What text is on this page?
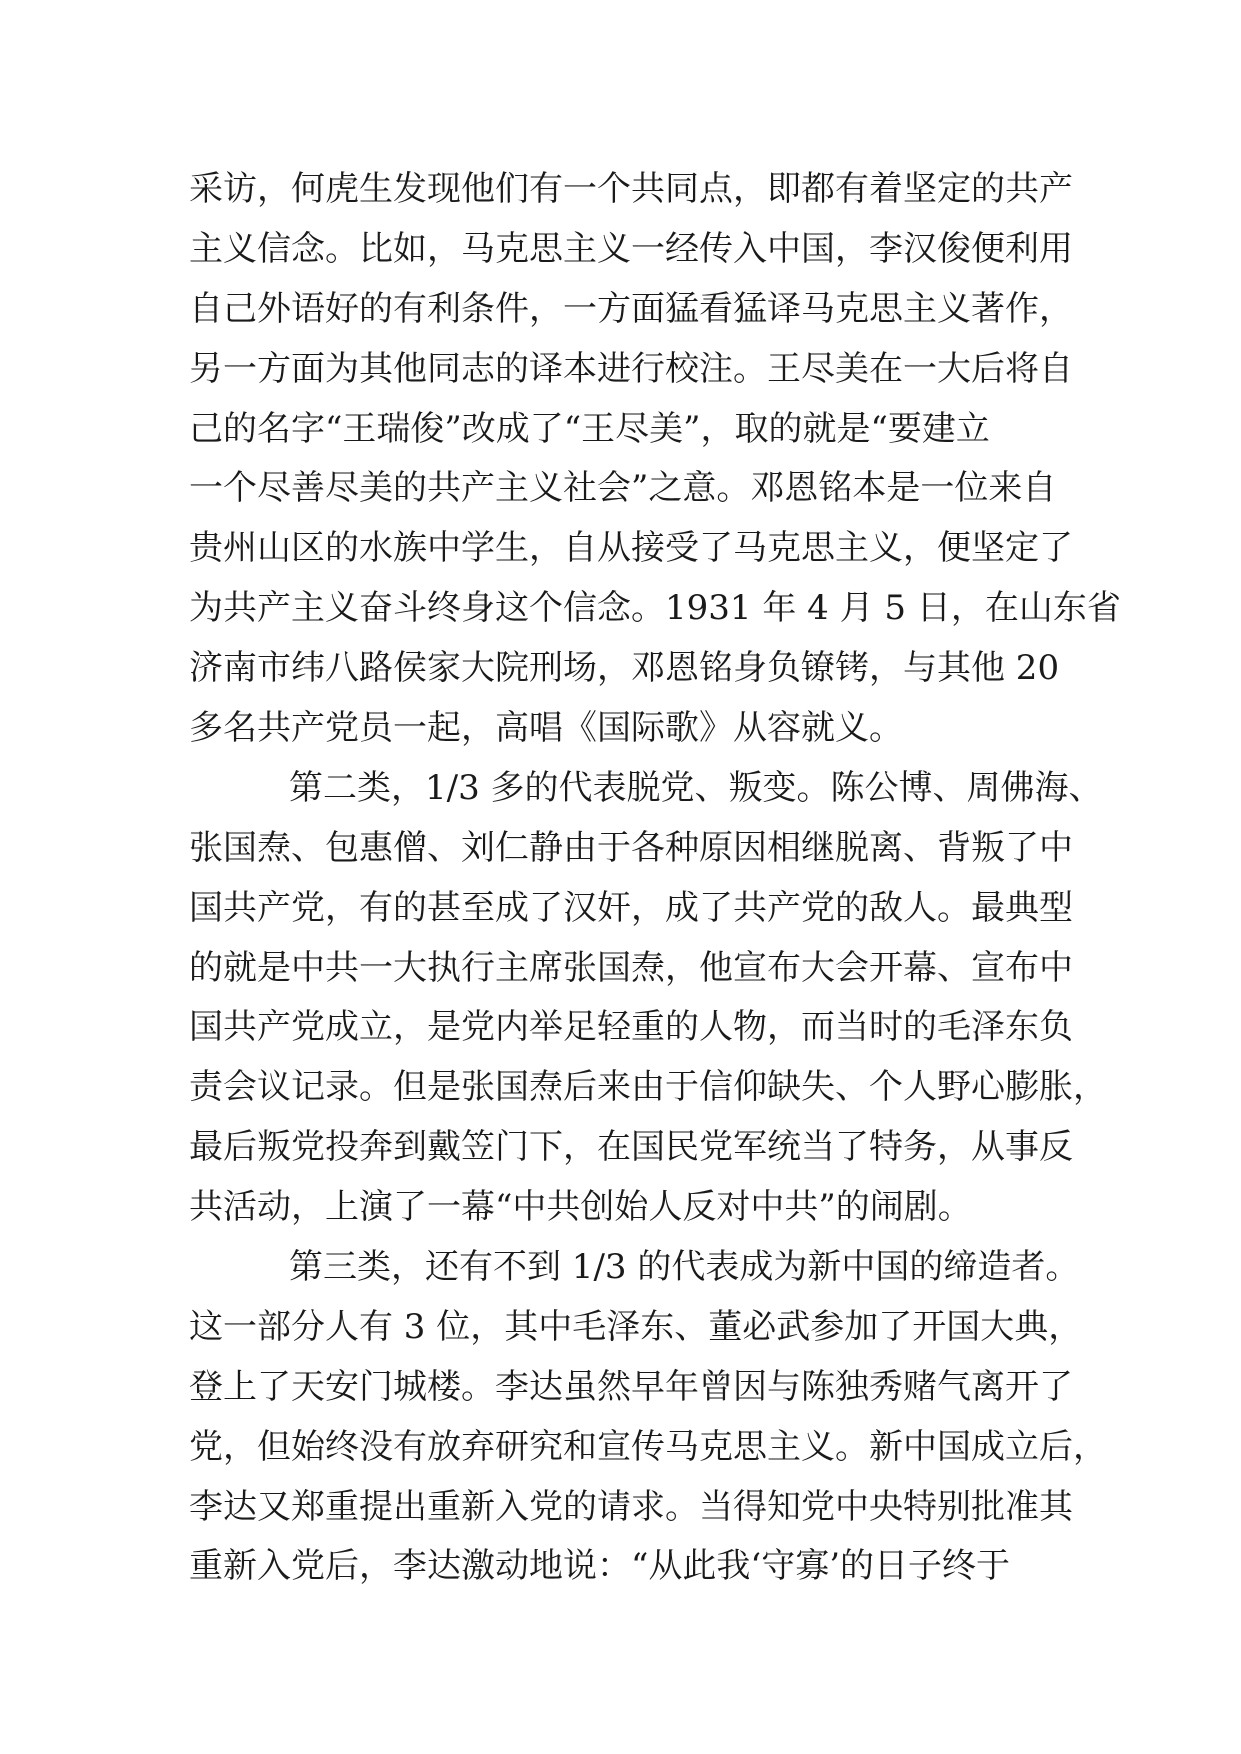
采访，何虎生发现他们有一个共同点，即都有着坚定的共产
主义信念。比如，马克思主义一经传入中国，李汉俊便利用
自己外语好的有利条件，一方面猛看猛译马克思主义著作，
另一方面为其他同志的译本进行校注。王尽美在一大后将自
己的名字“王瑞俊”改成了“王尽美”，取的就是“要建立
一个尽善尽美的共产主义社会”之意。邓恩铭本是一位来自
贵州山区的水族中学生，自从接受了马克思主义，便坚定了
为共产主义奋斗终身这个信念。1931 年 4 月 5 日，在山东省
济南市纬八路侯家大院刑场，邓恩铭身负镣铐，与其他 20
多名共产党员一起，高唱《国际歌》从容就义。
第二类，1/3 多的代表脱党、叛变。陈公博、周佛海、
张国焘、包惠僧、刘仁静由于各种原因相继脱离、背叛了中
国共产党，有的甚至成了汉奸，成了共产党的敌人。最典型
的就是中共一大执行主席张国焘，他宣布大会开幕、宣布中
国共产党成立，是党内举足轻重的人物，而当时的毛泽东负
责会议记录。但是张国焘后来由于信仰缺失、个人野心膨胀，
最后叛党投奔到戴笠门下，在国民党军统当了特务，从事反
共活动，上演了一幕“中共创始人反对中共”的闹剧。
第三类，还有不到 1/3 的代表成为新中国的缔造者。
这一部分人有 3 位，其中毛泽东、董必武参加了开国大典，
登上了天安门城楼。李达虽然早年曾因与陈独秀赌气离开了
党，但始终没有放弃研究和宣传马克思主义。新中国成立后，
李达又郑重提出重新入党的请求。当得知党中央特别批准其
重新入党后，李达激动地说：“从此我‘守寡’的日子终于
